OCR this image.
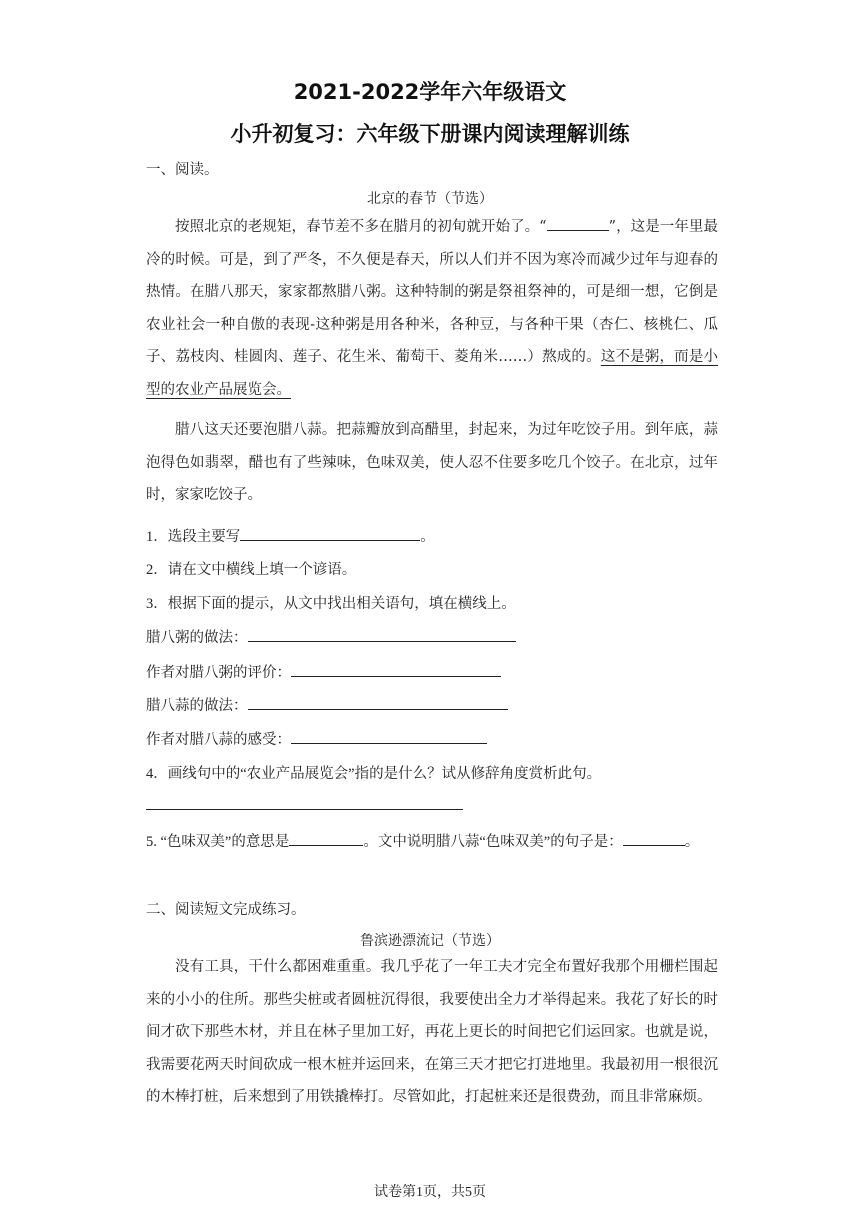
2021-2022学年六年级语文
小升初复习：六年级下册课内阅读理解训练
一、阅读。
北京的春节（节选）
按照北京的老规矩，春节差不多在腊月的初旬就开始了。“	”，这是一年里最冷的时候。可是，到了严冬，不久便是春天，所以人们并不因为寒冷而减少过年与迎春的热情。在腊八那天，家家都熬腊八粥。这种特制的粥是祭祖祭神的，可是细一想，它倒是农业社会一种自傲的表现-这种粥是用各种米，各种豆，与各种干果（杏仁、核桃仁、瓜子、荔枝肉、桂圆肉、莲子、花生米、葡萄干、菱角米……）熬成的。这不是粥，而是小型的农业产品展览会。
腊八这天还要泡腊八蒜。把蒜瓣放到高醋里，封起来，为过年吃饺子用。到年底，蒜泡得色如翡翠，醋也有了些辣味，色味双美，使人忍不住要多吃几个饺子。在北京，过年时，家家吃饺子。
1．选段主要写	。
2．请在文中横线上填一个谚语。
3．根据下面的提示，从文中找出相关语句，填在横线上。
腊八粥的做法：
作者对腊八粥的评价：
腊八蒜的做法：
作者对腊八蒜的感受：
4．画线句中的“农业产品展览会”指的是什么？试从修辞角度赏析此句。
5. “色味双美”的意思是	。文中说明腊八蒜“色味双美”的句子是：	。
二、阅读短文完成练习。
鲁滨逊漂流记（节选）
没有工具，干什么都困难重重。我几乎花了一年工夫才完全布置好我那个用栅栏围起来的小小的住所。那些尖桩或者圆桩沉得很，我要使出全力才举得起来。我花了好长的时间才砍下那些木材，并且在林子里加工好，再花上更长的时间把它们运回家。也就是说，我需要花两天时间砍成一根木桩并运回来，在第三天才把它打进地里。我最初用一根很沉的木棒打桩，后来想到了用铁撬棒打。尽管如此，打起桩来还是很费劲，而且非常麻烦。
试卷第1页，共5页
